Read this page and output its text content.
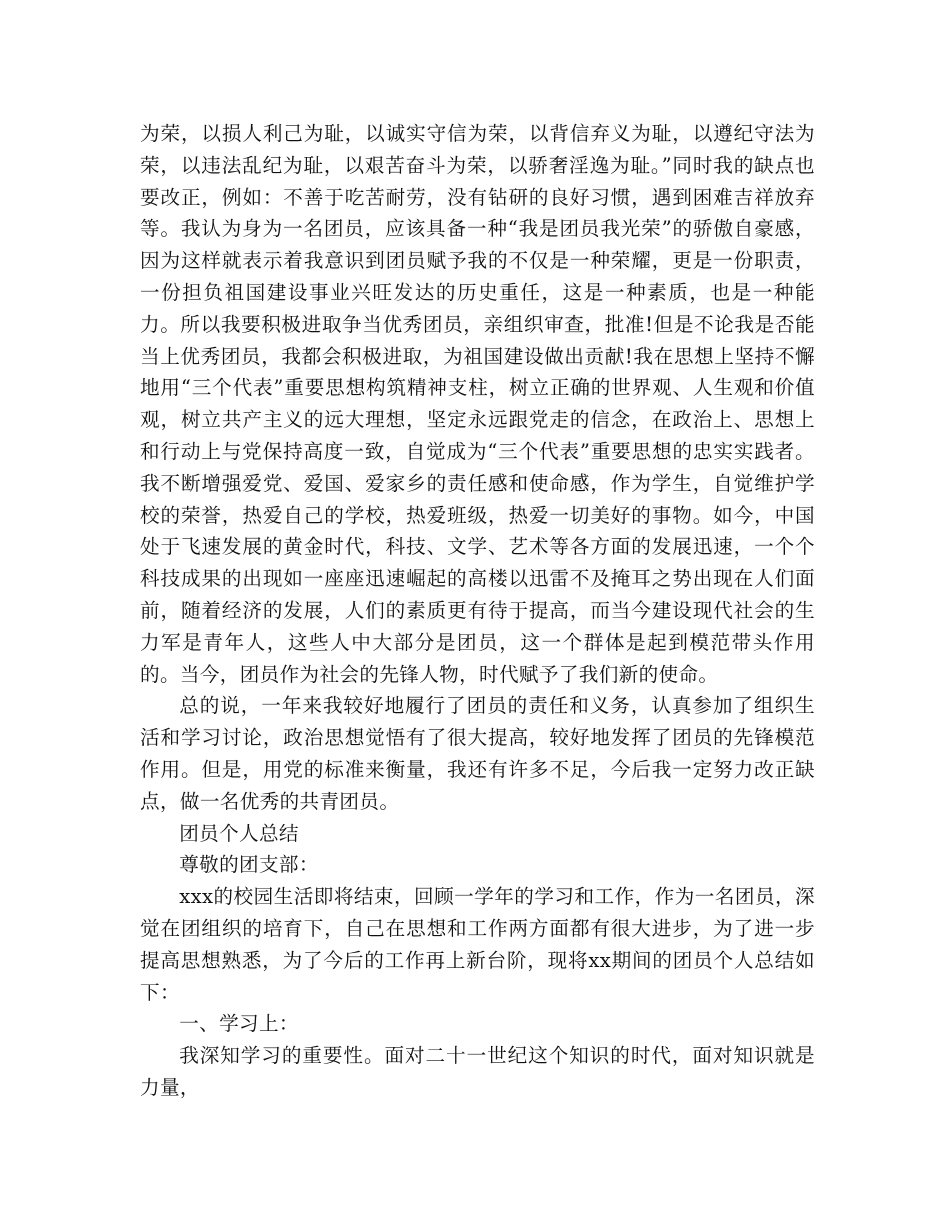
为荣，以损人利己为耻，以诚实守信为荣，以背信弃义为耻，以遵纪守法为荣，以违法乱纪为耻，以艰苦奋斗为荣，以骄奢淫逸为耻。”同时我的缺点也要改正，例如：不善于吃苦耐劳，没有钻研的良好习惯，遇到困难吉祥放弃等。我认为身为一名团员，应该具备一种“我是团员我光荣”的骄傲自豪感，因为这样就表示着我意识到团员赋予我的不仅是一种荣耀，更是一份职责，一份担负祖国建设事业兴旺发达的历史重任，这是一种素质，也是一种能力。所以我要积极进取争当优秀团员，亲组织审查，批准!但是不论我是否能当上优秀团员，我都会积极进取，为祖国建设做出贡献!我在思想上坚持不懈地用“三个代表”重要思想构筑精神支柱，树立正确的世界观、人生观和价值观，树立共产主义的远大理想，坚定永远跟党走的信念，在政治上、思想上和行动上与党保持高度一致，自觉成为“三个代表”重要思想的忠实实践者。我不断增强爱党、爱国、爱家乡的责任感和使命感，作为学生，自觉维护学校的荣誉，热爱自己的学校，热爱班级，热爱一切美好的事物。如今，中国处于飞速发展的黄金时代，科技、文学、艺术等各方面的发展迅速，一个个科技成果的出现如一座座迅速崛起的高楼以迅雷不及掩耳之势出现在人们面前，随着经济的发展，人们的素质更有待于提高，而当今建设现代社会的生力军是青年人，这些人中大部分是团员，这一个群体是起到模范带头作用的。当今，团员作为社会的先锋人物，时代赋予了我们新的使命。

总的说，一年来我较好地履行了团员的责任和义务，认真参加了组织生活和学习讨论，政治思想觉悟有了很大提高，较好地发挥了团员的先锋模范作用。但是，用党的标准来衡量，我还有许多不足，今后我一定努力改正缺点，做一名优秀的共青团员。

团员个人总结

尊敬的团支部：

xxx的校园生活即将结束，回顾一学年的学习和工作，作为一名团员，深觉在团组织的培育下，自己在思想和工作两方面都有很大进步，为了进一步提高思想熟悉，为了今后的工作再上新台阶，现将xx期间的团员个人总结如下：

一、学习上：

我深知学习的重要性。面对二十一世纪这个知识的时代，面对知识就是力量，
